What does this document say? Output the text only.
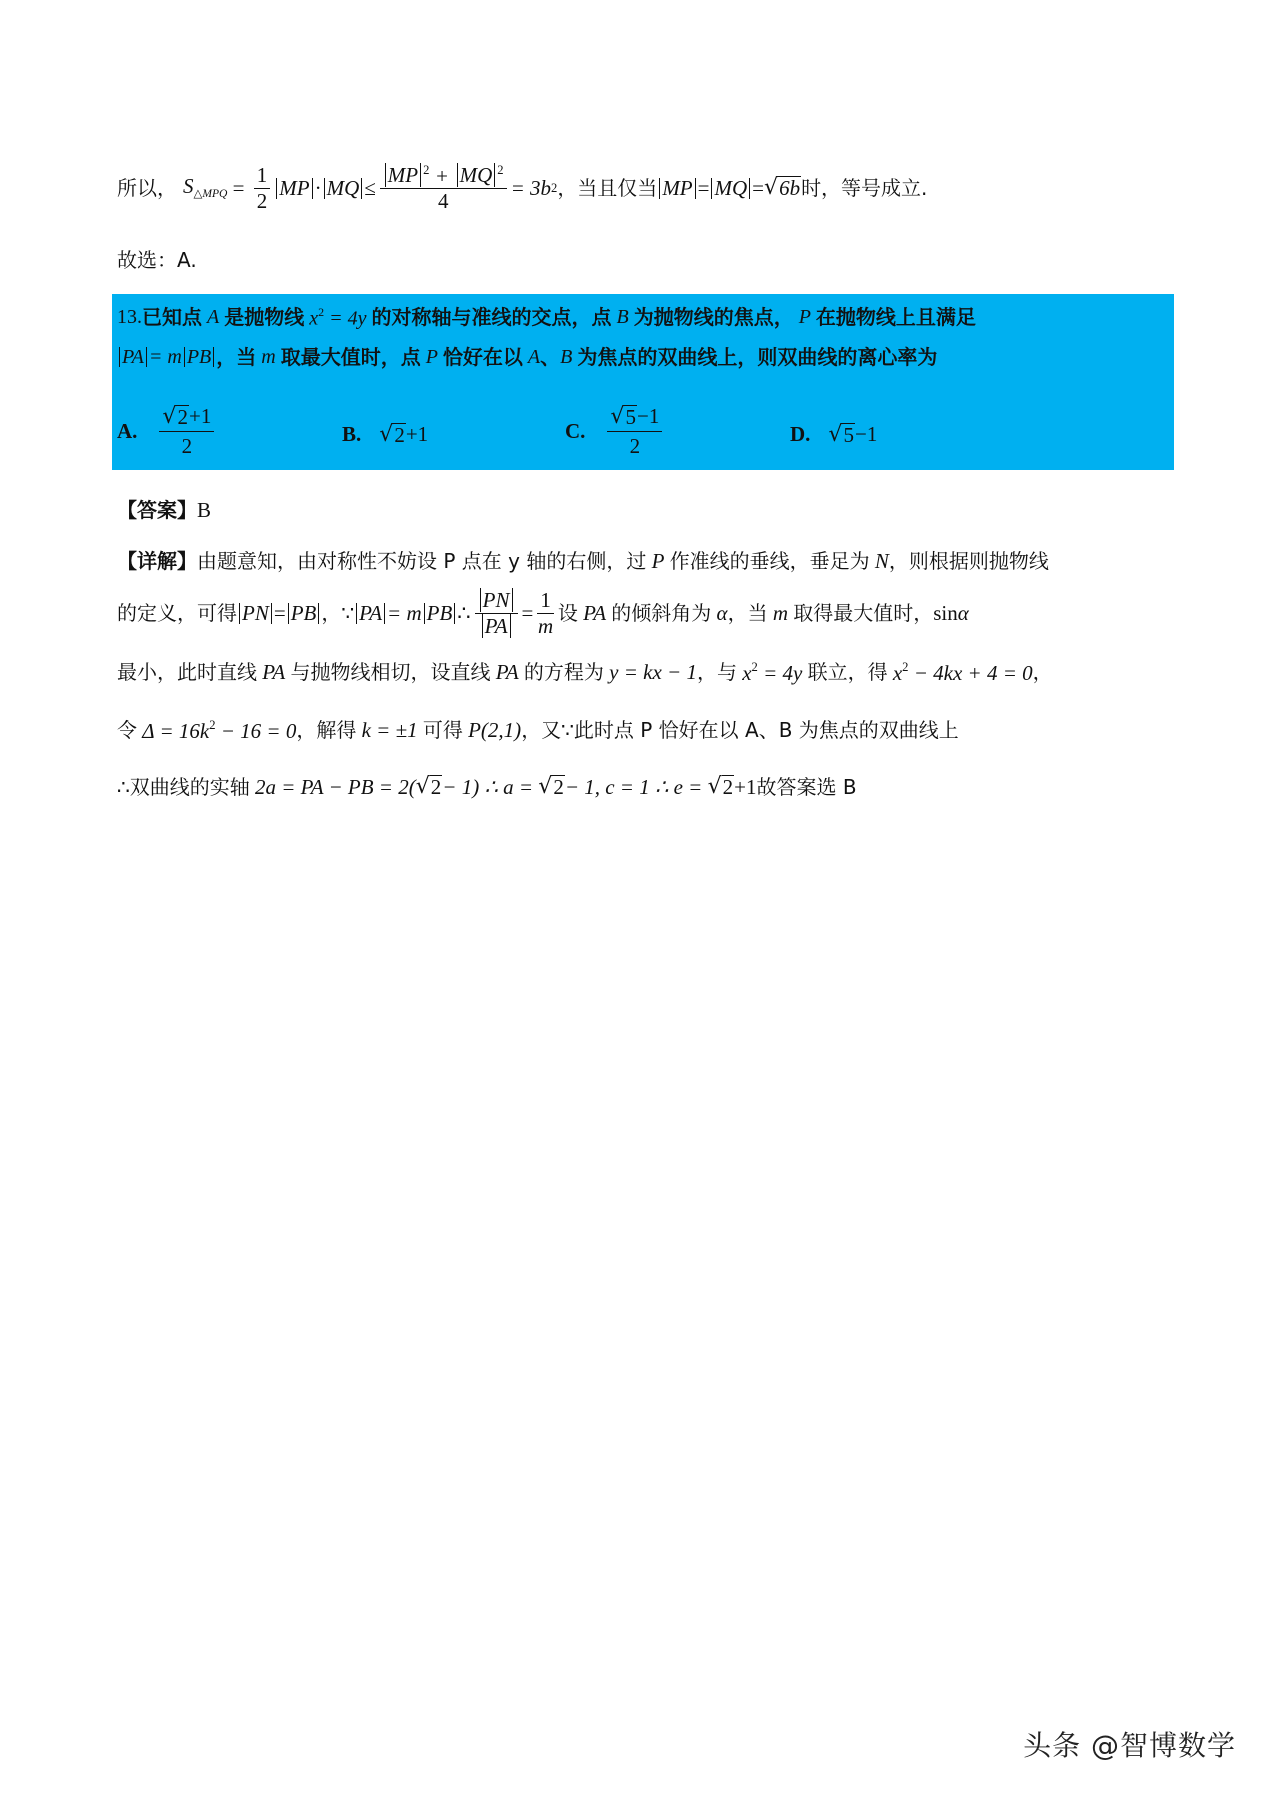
所以， $S_{\triangle MPQ} = \frac{1}{2}$ MP · MQ ≤ $\frac{MP ^2 + MQ ^2}{4} = 3b$ 2 ，当且仅当 MP = MQ = √ 6b 时，等号成立.
故选：A.
13. 已知点 A 是抛物线 $x^2 = 4y$ 的对称轴与准线的交点，点 B 为抛物线的焦点， P 在抛物线上且满足
PA = m PB ，当 m 取最大值时，点 P 恰好在以 A 、 B 为焦点的双曲线上，则双曲线的离心率为
A. $\frac{√ 2 +1}{2}$	B. √ 2 +1	C. $\frac{√ 5 -1}{2}$	D. √ 5 −1
【答案】 B
【详解】 由题意知，由对称性不妨设 P 点在 y 轴的右侧，过 P 作准线的垂线，垂足为 N ，则根据则抛物线
的定义，可得 PN = PB ，∵ PA = m PB ∴ $\frac{PN}{PA} = \frac{1}{m}$ 设 PA 的倾斜角为 α ，当 m 取得最大值时， sin α
最小，此时直线 PA 与抛物线相切，设直线 PA 的方程为 y = kx − 1 ，与 $x^2 = 4y$ 联立，得 $x^2 - 4kx + 4 = 0$ ，
令 $\Delta = 16k^2 - 16 = 0$ ，解得 k = ±1 可得 P(2,1) ，又∵此时点 P 恰好在以 A、B 为焦点的双曲线上
∴双曲线的实轴 2a = PA − PB = 2( √ 2 − 1) ∴ a = √ 2 − 1, c = 1 ∴ e = √ 2 +1 故答案选 B
头条 @智博数学
